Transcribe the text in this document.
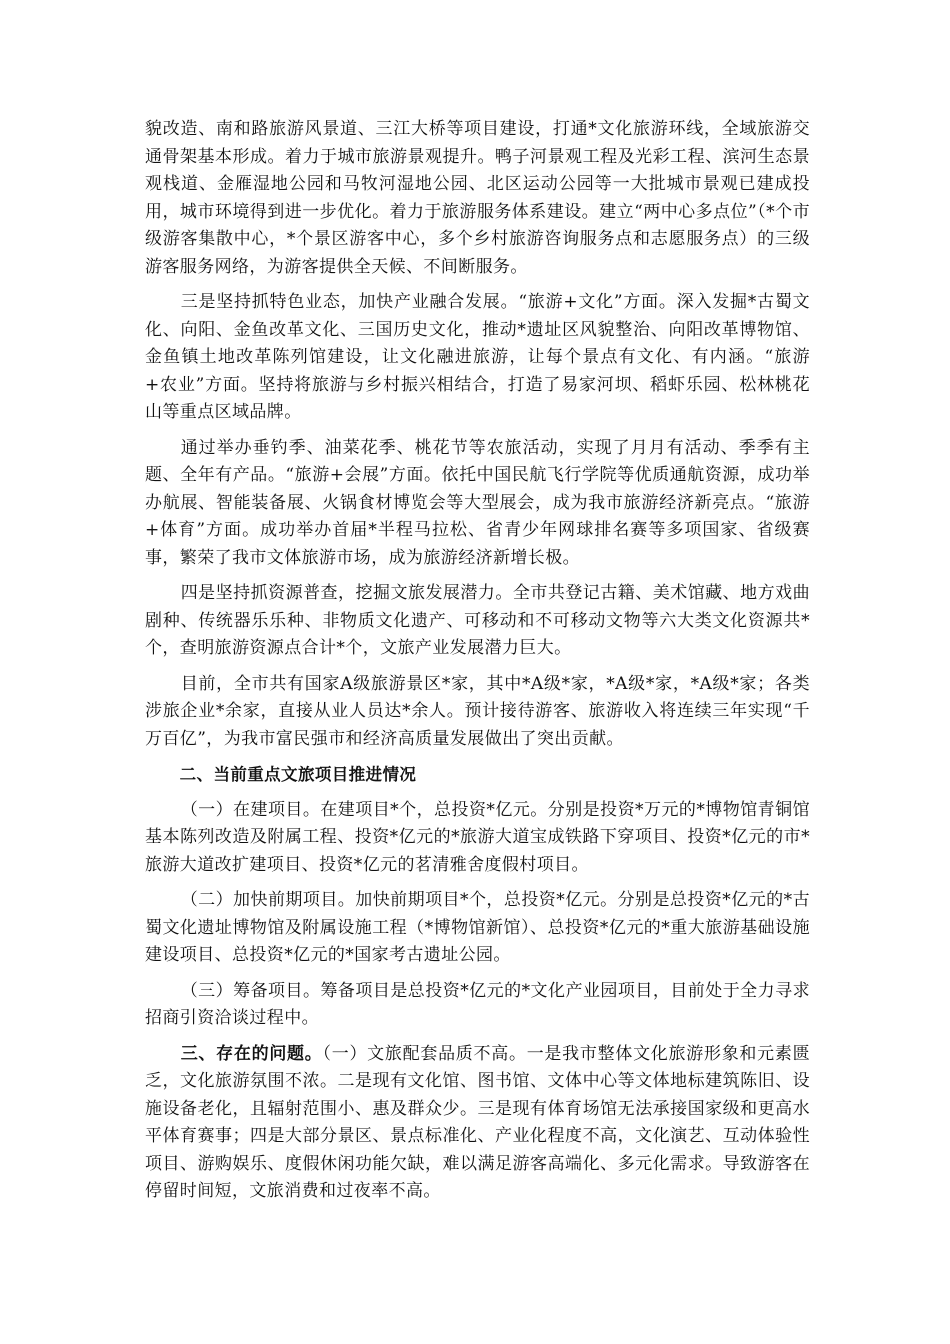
貌改造、南和路旅游风景道、三江大桥等项目建设，打通*文化旅游环线，全域旅游交通骨架基本形成。着力于城市旅游景观提升。鸭子河景观工程及光彩工程、滨河生态景观栈道、金雁湿地公园和马牧河湿地公园、北区运动公园等一大批城市景观已建成投用，城市环境得到进一步优化。着力于旅游服务体系建设。建立“两中心多点位”（*个市级游客集散中心，*个景区游客中心，多个乡村旅游咨询服务点和志愿服务点）的三级游客服务网络，为游客提供全天候、不间断服务。

三是坚持抓特色业态，加快产业融合发展。“旅游+文化”方面。深入发掘*古蜀文化、向阳、金鱼改革文化、三国历史文化，推动*遗址区风貌整治、向阳改革博物馆、金鱼镇土地改革陈列馆建设，让文化融进旅游，让每个景点有文化、有内涵。“旅游+农业”方面。坚持将旅游与乡村振兴相结合，打造了易家河坝、稻虾乐园、松林桃花山等重点区域品牌。

通过举办垂钓季、油菜花季、桃花节等农旅活动，实现了月月有活动、季季有主题、全年有产品。“旅游+会展”方面。依托中国民航飞行学院等优质通航资源，成功举办航展、智能装备展、火锅食材博览会等大型展会，成为我市旅游经济新亮点。“旅游+体育”方面。成功举办首届*半程马拉松、省青少年网球排名赛等多项国家、省级赛事，繁荣了我市文体旅游市场，成为旅游经济新增长极。

四是坚持抓资源普查，挖掘文旅发展潜力。全市共登记古籍、美术馆藏、地方戏曲剧种、传统器乐乐种、非物质文化遗产、可移动和不可移动文物等六大类文化资源共*个，查明旅游资源点合计*个，文旅产业发展潜力巨大。

目前，全市共有国家A级旅游景区*家，其中*A级*家，*A级*家，*A级*家；各类涉旅企业*余家，直接从业人员达*余人。预计接待游客、旅游收入将连续三年实现“千万百亿”，为我市富民强市和经济高质量发展做出了突出贡献。

二、当前重点文旅项目推进情况

（一）在建项目。在建项目*个，总投资*亿元。分别是投资*万元的*博物馆青铜馆基本陈列改造及附属工程、投资*亿元的*旅游大道宝成铁路下穿项目、投资*亿元的市*旅游大道改扩建项目、投资*亿元的茗清雅舍度假村项目。

（二）加快前期项目。加快前期项目*个，总投资*亿元。分别是总投资*亿元的*古蜀文化遗址博物馆及附属设施工程（*博物馆新馆）、总投资*亿元的*重大旅游基础设施建设项目、总投资*亿元的*国家考古遗址公园。

（三）筹备项目。筹备项目是总投资*亿元的*文化产业园项目，目前处于全力寻求招商引资洽谈过程中。

三、存在的问题。（一）文旅配套品质不高。一是我市整体文化旅游形象和元素匮乏，文化旅游氛围不浓。二是现有文化馆、图书馆、文体中心等文体地标建筑陈旧、设施设备老化，且辐射范围小、惠及群众少。三是现有体育场馆无法承接国家级和更高水平体育赛事；四是大部分景区、景点标准化、产业化程度不高，文化演艺、互动体验性项目、游购娱乐、度假休闲功能欠缺，难以满足游客高端化、多元化需求。导致游客在停留时间短，文旅消费和过夜率不高。
